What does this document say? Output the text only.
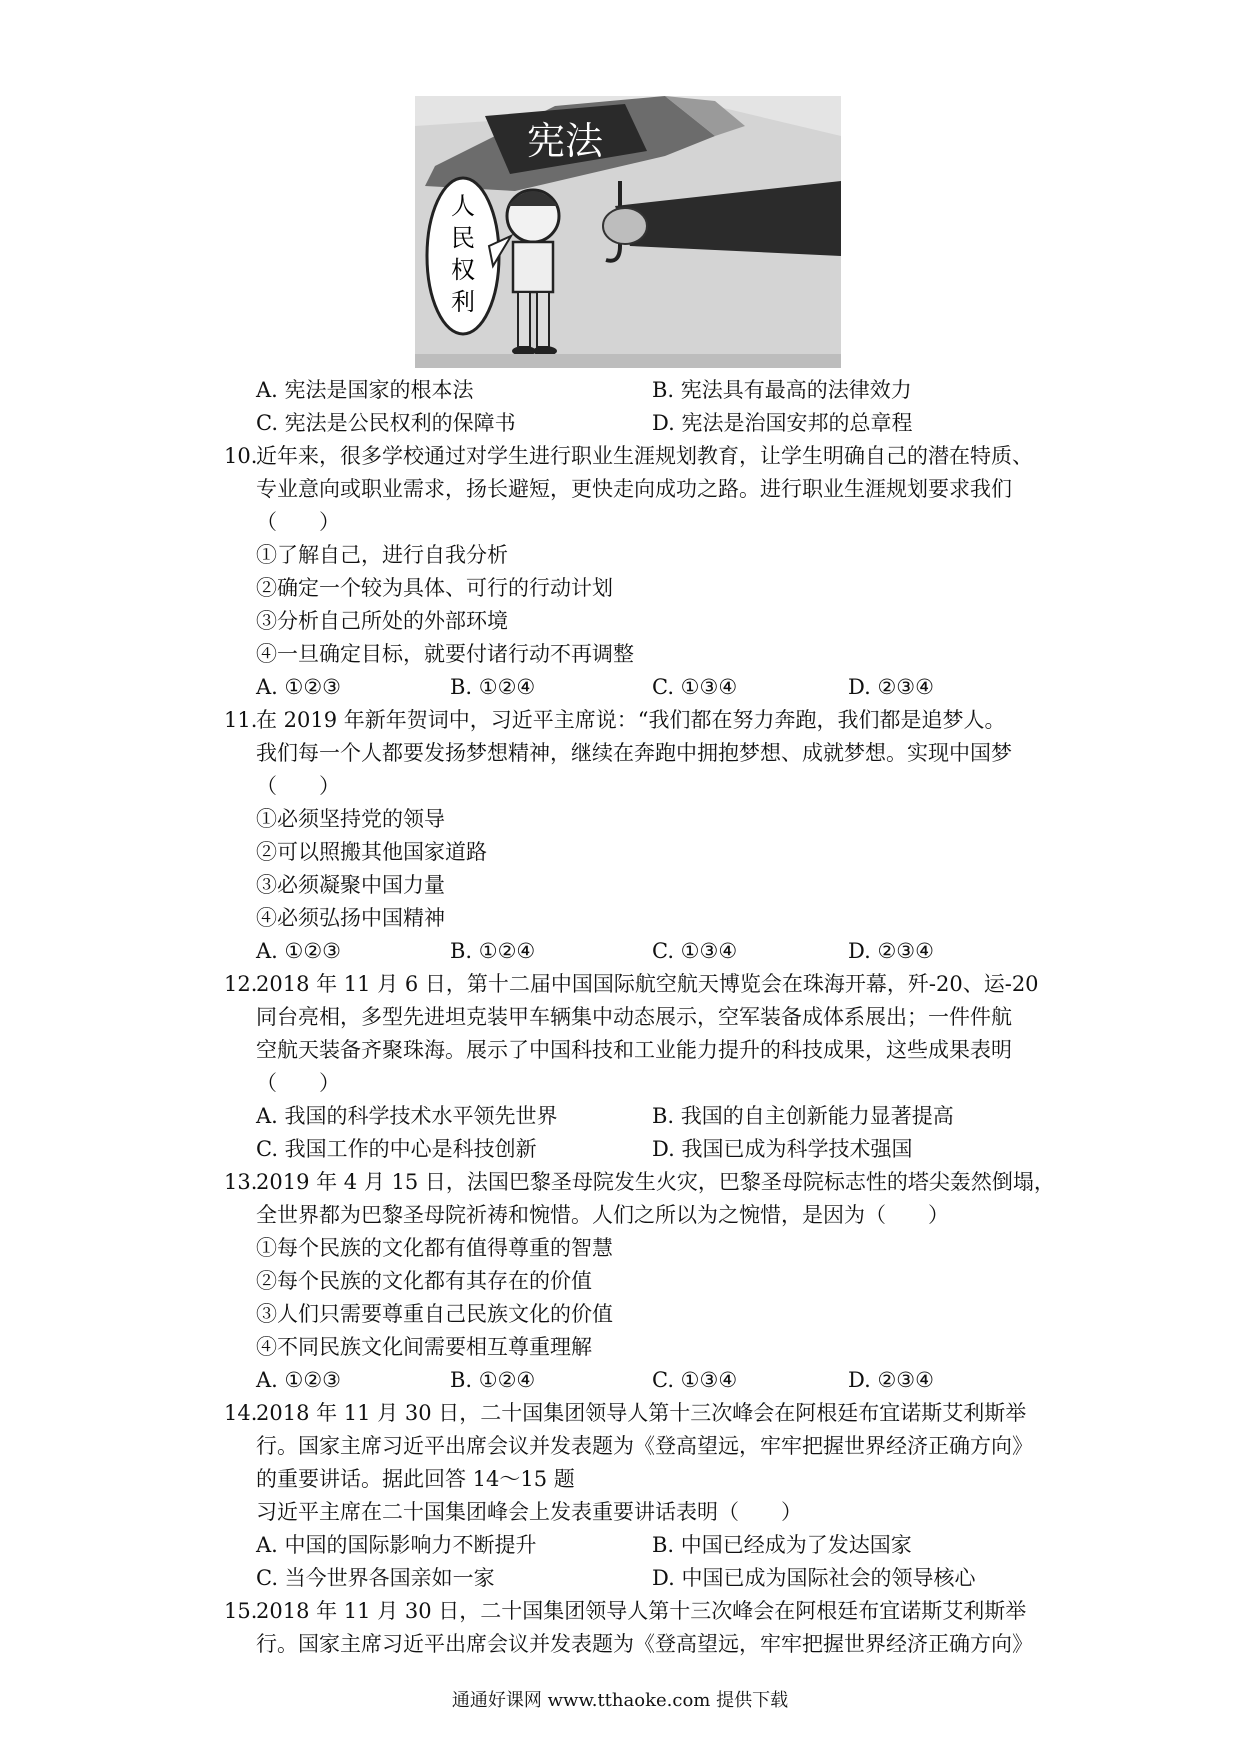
宪法
人
民
权
利
A. 宪法是国家的根本法	B. 宪法具有最高的法律效力
C. 宪法是公民权利的保障书	D. 宪法是治国安邦的总章程
10.
近年来，很多学校通过对学生进行职业生涯规划教育，让学生明确自己的潜在特质、
专业意向或职业需求，扬长避短，更快走向成功之路。进行职业生涯规划要求我们
（　　）
①了解自己，进行自我分析
②确定一个较为具体、可行的行动计划
③分析自己所处的外部环境
④一旦确定目标，就要付诸行动不再调整
A. ①②③	B. ①②④	C. ①③④	D. ②③④
11.
在 2019 年新年贺词中，习近平主席说：“我们都在努力奔跑，我们都是追梦人。
我们每一个人都要发扬梦想精神，继续在奔跑中拥抱梦想、成就梦想。实现中国梦
（　　）
①必须坚持党的领导
②可以照搬其他国家道路
③必须凝聚中国力量
④必须弘扬中国精神
A. ①②③	B. ①②④	C. ①③④	D. ②③④
12.
2018 年 11 月 6 日，第十二届中国国际航空航天博览会在珠海开幕，歼-20、运-20
同台亮相，多型先进坦克装甲车辆集中动态展示，空军装备成体系展出；一件件航
空航天装备齐聚珠海。展示了中国科技和工业能力提升的科技成果，这些成果表明
（　　）
A. 我国的科学技术水平领先世界	B. 我国的自主创新能力显著提高
C. 我国工作的中心是科技创新	D. 我国已成为科学技术强国
13.
2019 年 4 月 15 日，法国巴黎圣母院发生火灾，巴黎圣母院标志性的塔尖轰然倒塌，
全世界都为巴黎圣母院祈祷和惋惜。人们之所以为之惋惜，是因为（　　）
①每个民族的文化都有值得尊重的智慧
②每个民族的文化都有其存在的价值
③人们只需要尊重自己民族文化的价值
④不同民族文化间需要相互尊重理解
A. ①②③	B. ①②④	C. ①③④	D. ②③④
14.
2018 年 11 月 30 日，二十国集团领导人第十三次峰会在阿根廷布宜诺斯艾利斯举
行。国家主席习近平出席会议并发表题为《登高望远，牢牢把握世界经济正确方向》
的重要讲话。据此回答 14～15 题
习近平主席在二十国集团峰会上发表重要讲话表明（　　）
A. 中国的国际影响力不断提升	B. 中国已经成为了发达国家
C. 当今世界各国亲如一家	D. 中国已成为国际社会的领导核心
15.
2018 年 11 月 30 日，二十国集团领导人第十三次峰会在阿根廷布宜诺斯艾利斯举
行。国家主席习近平出席会议并发表题为《登高望远，牢牢把握世界经济正确方向》
通通好课网 www.tthaoke.com 提供下载
